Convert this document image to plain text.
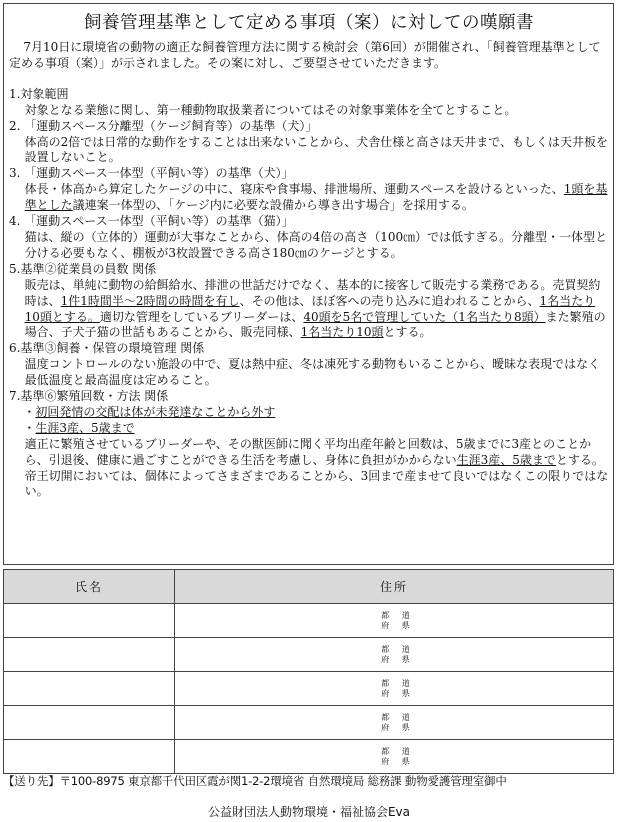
飼養管理基準として定める事項（案）に対しての嘆願書

7月10日に環境省の動物の適正な飼養管理方法に関する検討会（第6回）が開催され、「飼養管理基準として定める事項（案）」が示されました。その案に対し、ご要望させていただきます。

1.対象範囲

対象となる業態に関し、第一種動物取扱業者についてはその対象事業体を全てとすること。

2. 「運動スペース分離型（ケージ飼育等）の基準（犬）」

体高の2倍では日常的な動作をすることは出来ないことから、犬舎仕様と高さは天井まで、もしくは天井板を設置しないこと。

3. 「運動スペース一体型（平飼い等）の基準（犬）」

体長・体高から算定したケージの中に、寝床や食事場、排泄場所、運動スペースを設けるといった、1頭を基準とした議連案一体型の、「ケージ内に必要な設備から導き出す場合」を採用する。

4. 「運動スペース一体型（平飼い等）の基準（猫）」

猫は、縦の（立体的）運動が大事なことから、体高の4倍の高さ（100㎝）では低すぎる。分離型・一体型と分ける必要もなく、棚板が3枚設置できる高さ180㎝のケージとする。

5.基準②従業員の員数 関係

販売は、単純に動物の給餌給水、排泄の世話だけでなく、基本的に接客して販売する業務である。売買契約時は、1件1時間半～2時間の時間を有し、その他は、ほぼ客への売り込みに追われることから、1名当たり10頭とする。適切な管理をしているブリーダーは、40頭を5名で管理していた（1名当たり8頭）また繁殖の場合、子犬子猫の世話もあることから、販売同様、1名当たり10頭とする。

6.基準③飼養・保管の環境管理 関係

温度コントロールのない施設の中で、夏は熱中症、冬は凍死する動物もいることから、曖昧な表現ではなく最低温度と最高温度は定めること。

7.基準⑥繁殖回数・方法 関係

・初回発情の交配は体が未発達なことから外す

・生涯3産、5歳まで

適正に繁殖させているブリーダーや、その獣医師に聞く平均出産年齢と回数は、5歳までに3産とのことから、引退後、健康に過ごすことができる生活を考慮し、身体に負担がかからない生涯3産、5歳までとする。帝王切開においては、個体によってさまざまであることから、3回まで産ませて良いではなくこの限りではない。

氏名	住所

	都 道
府 県

	都 道
府 県

	都 道
府 県

	都 道
府 県

	都 道
府 県
【送り先】〒100-8975 東京都千代田区霞が関1-2-2環境省 自然環境局 総務課 動物愛護管理室御中
公益財団法人動物環境・福祉協会Eva
